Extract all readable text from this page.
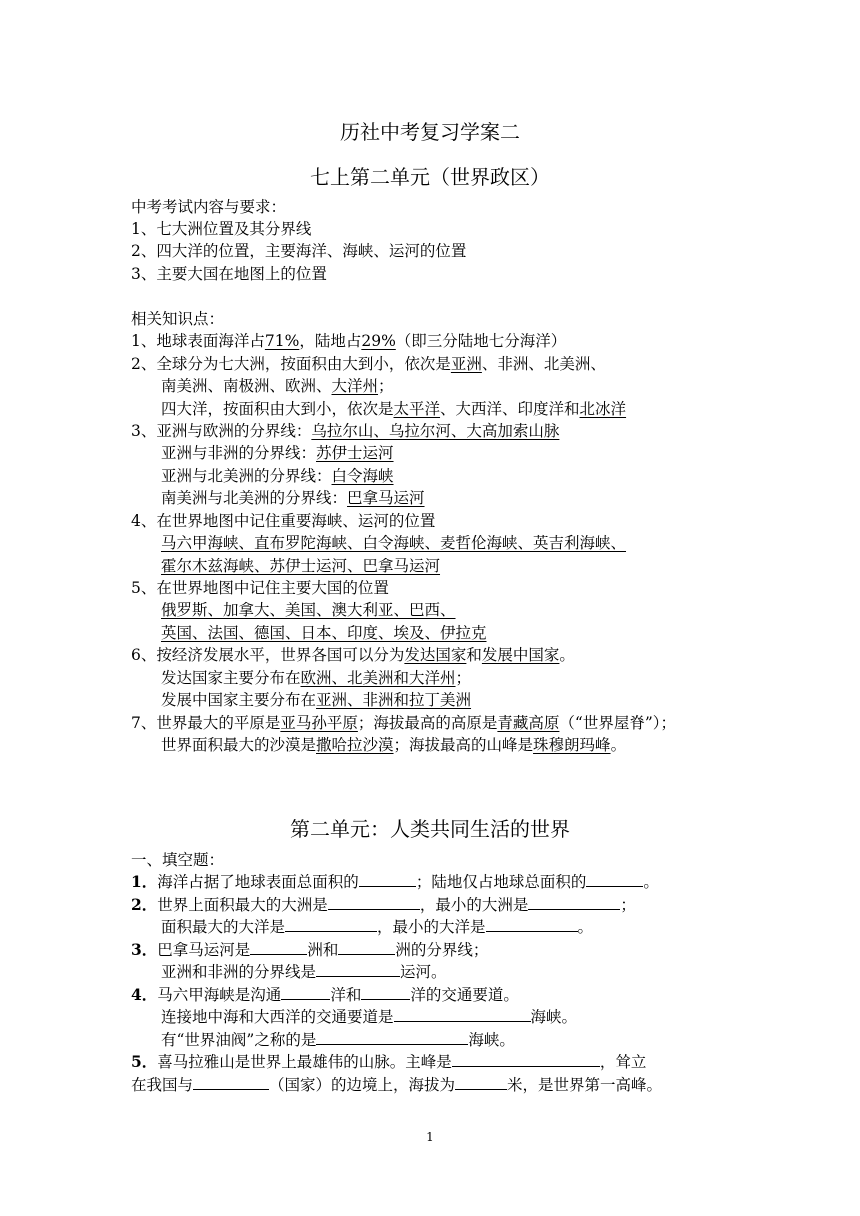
历社中考复习学案二
七上第二单元（世界政区）
中考考试内容与要求：
1、七大洲位置及其分界线
2、四大洋的位置，主要海洋、海峡、运河的位置
3、主要大国在地图上的位置
相关知识点：
1、地球表面海洋占71%，陆地占29%（即三分陆地七分海洋）
2、全球分为七大洲，按面积由大到小，依次是亚洲、非洲、北美洲、
南美洲、南极洲、欧洲、大洋州；
四大洋，按面积由大到小，依次是太平洋、大西洋、印度洋和北冰洋
3、亚洲与欧洲的分界线：乌拉尔山、乌拉尔河、大高加索山脉
亚洲与非洲的分界线：苏伊士运河
亚洲与北美洲的分界线：白令海峡
南美洲与北美洲的分界线：巴拿马运河
4、在世界地图中记住重要海峡、运河的位置
马六甲海峡、直布罗陀海峡、白令海峡、麦哲伦海峡、英吉利海峡、
霍尔木兹海峡、苏伊士运河、巴拿马运河
5、在世界地图中记住主要大国的位置
俄罗斯、加拿大、美国、澳大利亚、巴西、
英国、法国、德国、日本、印度、埃及、伊拉克
6、按经济发展水平，世界各国可以分为发达国家和发展中国家。
发达国家主要分布在欧洲、北美洲和大洋州；
发展中国家主要分布在亚洲、非洲和拉丁美洲
7、世界最大的平原是亚马孙平原；海拔最高的高原是青藏高原（“世界屋脊”）；
世界面积最大的沙漠是撒哈拉沙漠；海拔最高的山峰是珠穆朗玛峰。
第二单元：人类共同生活的世界
一、填空题：
1．海洋占据了地球表面总面积的	；陆地仅占地球总面积的	。
2．世界上面积最大的大洲是	，最小的大洲是	；
面积最大的大洋是	，最小的大洋是	。
3．巴拿马运河是	洲和	洲的分界线；
亚洲和非洲的分界线是	运河。
4．马六甲海峡是沟通	洋和	洋的交通要道。
连接地中海和大西洋的交通要道是	海峡。
有“世界油阀”之称的是	海峡。
5．喜马拉雅山是世界上最雄伟的山脉。主峰是	，耸立
在我国与	（国家）的边境上，海拔为	米，是世界第一高峰。
1
